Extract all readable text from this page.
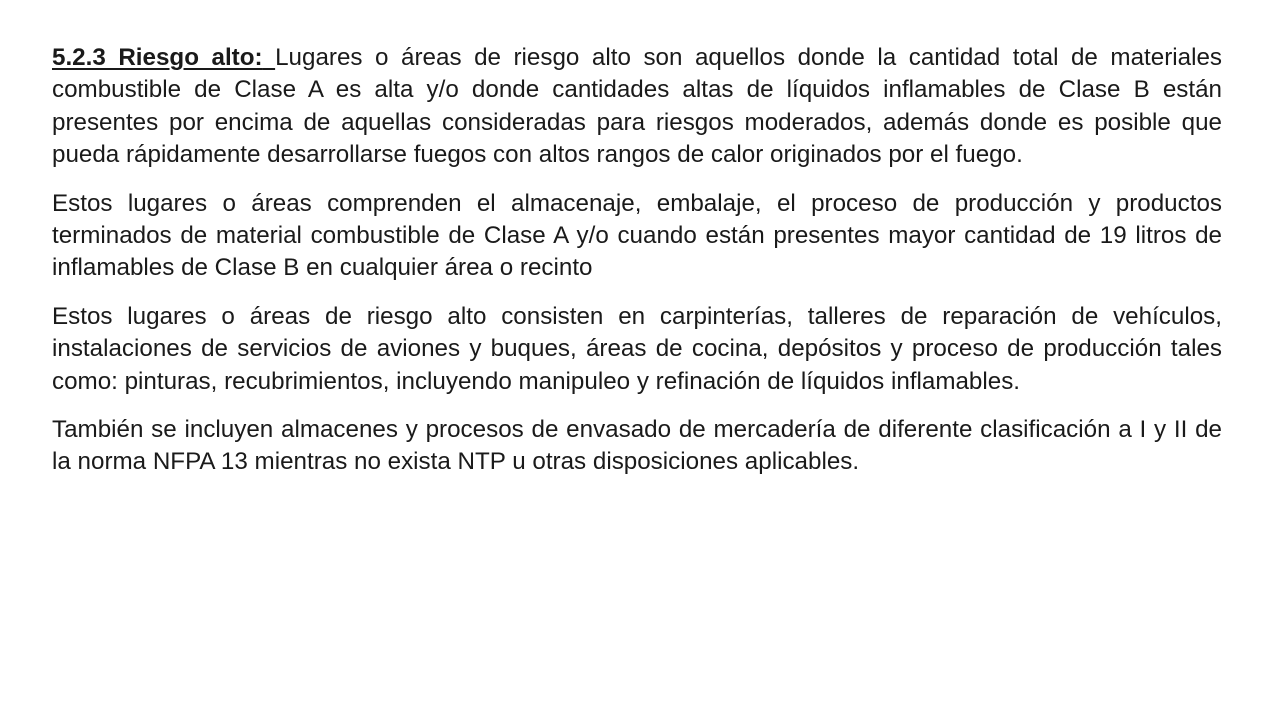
5.2.3 Riesgo alto: Lugares o áreas de riesgo alto son aquellos donde la cantidad total de materiales combustible de Clase A es alta y/o donde cantidades altas de líquidos inflamables de Clase B están presentes por encima de aquellas consideradas para riesgos moderados, además donde es posible que pueda rápidamente desarrollarse fuegos con altos rangos de calor originados por el fuego.

Estos lugares o áreas comprenden el almacenaje, embalaje, el proceso de producción y productos terminados de material combustible de Clase A y/o cuando están presentes mayor cantidad de 19 litros de inflamables de Clase B en cualquier área o recinto

Estos lugares o áreas de riesgo alto consisten en carpinterías, talleres de reparación de vehículos, instalaciones de servicios de aviones y buques, áreas de cocina, depósitos y proceso de producción tales como: pinturas, recubrimientos, incluyendo manipuleo y refinación de líquidos inflamables.

También se incluyen almacenes y procesos de envasado de mercadería de diferente clasificación a I y II de la norma NFPA 13 mientras no exista NTP u otras disposiciones aplicables.
